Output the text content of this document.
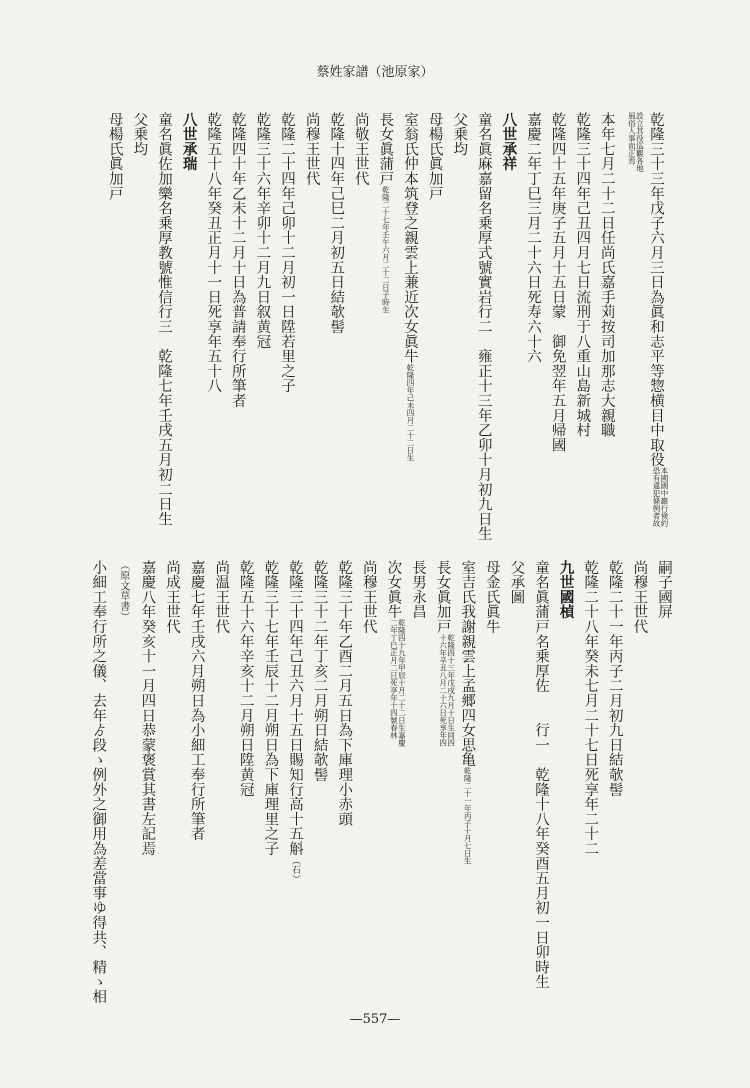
蔡姓家譜（池原家）
乾隆三十三年戊子六月三日為眞和志平等惣横目中取役
本國國中巖行倹約
恐有違犯條例者故
設立其役巡觀各地
風俗人事而正焉
本年七月二十二日任尚氏嘉手苅按司加那志大親職
乾隆三十四年己丑四月七日流刑于八重山島新城村
乾隆四十五年庚子五月十五日蒙　御免翌年五月帰國
嘉慶二年丁巳三月二十六日死寿六十六
八世承祥
童名眞麻嘉留名乗厚式號實岩行二　雍正十三年乙卯十月初九日生
父乗均
母楊氏眞加戸
室翁氏仲本筑登之親雲上兼近次女眞牛
乾隆四年己未四月二十二日生
長女眞蒲戸
乾隆二十七年壬午六月二十二日子時生
尚敬王世代
乾隆十四年己巳二月初五日結欹髻
尚穆王世代
乾隆二十四年己卯十二月初一日陞若里之子
乾隆三十六年辛卯十二月九日叙黄冠
乾隆四十年乙未十二月十日為普請奉行所筆者
乾隆五十八年癸丑正月十一日死享年五十八
八世承瑞
童名眞佐加樂名乗厚教號惟信行三　乾隆七年壬戌五月初二日生
父乗均
母楊氏眞加戸
嗣子國屏
尚穆王世代
乾隆二十一年丙子二月初九日結欹髻
乾隆二十八年癸未七月二十七日死享年二十二
九世國楨
童名眞蒲戸名乗厚佐　　行一　乾隆十八年癸酉五月初一日卯時生
父承圖
母金氏眞牛
室吉氏我謝親雲上孟郷四女思亀
乾隆二十一年丙子十月七日生
長女眞加戸
乾隆四十三年戊戌九月十日生同四
十六年辛丑八月二十六日死享年四
長男永昌
次女眞牛
乾隆四十九年甲辰十月二十二日生嘉慶
二年丁巳正月二日死享年十四號春林
尚穆王世代
乾隆三十年乙酉二月五日為下庫理小赤頭
乾隆三十二年丁亥二月朔日結欹髻
乾隆三十四年己丑六月十五日賜知行高十五斛（石）
乾隆三十七年壬辰十二月朔日為下庫理里之子
乾隆五十六年辛亥十二月朔日陞黄冠
尚温王世代
嘉慶七年壬戌六月朔日為小細工奉行所筆者
尚成王世代
嘉慶八年癸亥十一月四日恭蒙褒賞其書左記焉
（原文草書）
小細工奉行所之儀、去年ゟ段ゝ例外之御用為差當事ゆ得共、精ゝ相
—557—
